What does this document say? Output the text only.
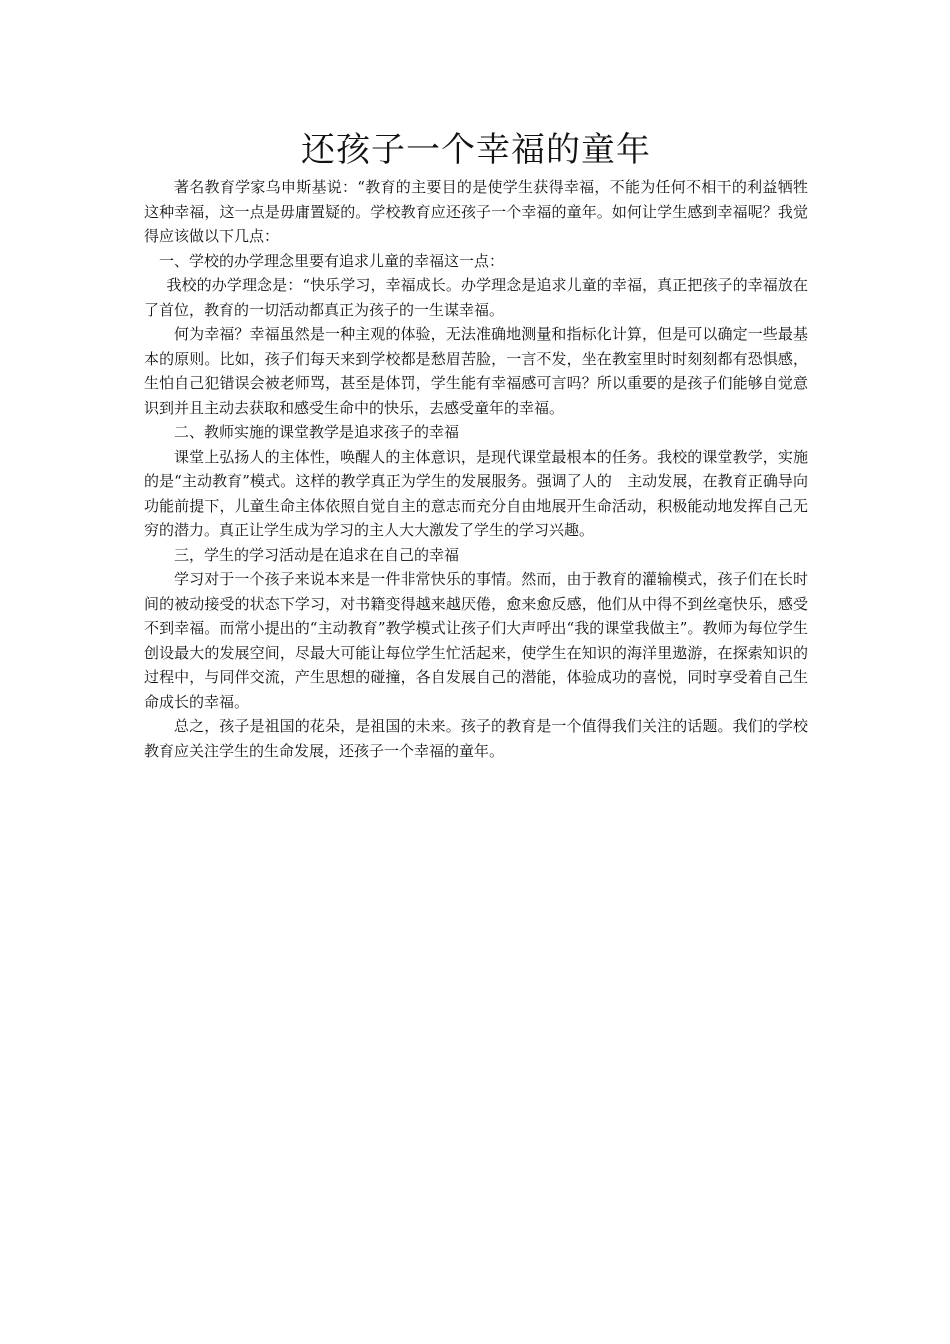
还孩子一个幸福的童年

著名教育学家乌申斯基说：“教育的主要目的是使学生获得幸福，不能为任何不相干的利益牺牲这种幸福，这一点是毋庸置疑的。学校教育应还孩子一个幸福的童年。如何让学生感到幸福呢？我觉得应该做以下几点：

一、学校的办学理念里要有追求儿童的幸福这一点：

我校的办学理念是：“快乐学习，幸福成长。办学理念是追求儿童的幸福，真正把孩子的幸福放在了首位，教育的一切活动都真正为孩子的一生谋幸福。

何为幸福？幸福虽然是一种主观的体验，无法准确地测量和指标化计算，但是可以确定一些最基本的原则。比如，孩子们每天来到学校都是愁眉苦脸，一言不发，坐在教室里时时刻刻都有恐惧感，生怕自己犯错误会被老师骂，甚至是体罚，学生能有幸福感可言吗？所以重要的是孩子们能够自觉意识到并且主动去获取和感受生命中的快乐，去感受童年的幸福。

二、教师实施的课堂教学是追求孩子的幸福

课堂上弘扬人的主体性，唤醒人的主体意识，是现代课堂最根本的任务。我校的课堂教学，实施的是“主动教育”模式。这样的教学真正为学生的发展服务。强调了人的　主动发展，在教育正确导向功能前提下，儿童生命主体依照自觉自主的意志而充分自由地展开生命活动，积极能动地发挥自己无穷的潜力。真正让学生成为学习的主人大大激发了学生的学习兴趣。

三，学生的学习活动是在追求在自己的幸福

学习对于一个孩子来说本来是一件非常快乐的事情。然而，由于教育的灌输模式，孩子们在长时间的被动接受的状态下学习，对书籍变得越来越厌倦，愈来愈反感，他们从中得不到丝毫快乐，感受不到幸福。而常小提出的“主动教育”教学模式让孩子们大声呼出“我的课堂我做主”。教师为每位学生创设最大的发展空间，尽最大可能让每位学生忙活起来，使学生在知识的海洋里遨游，在探索知识的过程中，与同伴交流，产生思想的碰撞，各自发展自己的潜能，体验成功的喜悦，同时享受着自己生命成长的幸福。

总之，孩子是祖国的花朵，是祖国的未来。孩子的教育是一个值得我们关注的话题。我们的学校教育应关注学生的生命发展，还孩子一个幸福的童年。
